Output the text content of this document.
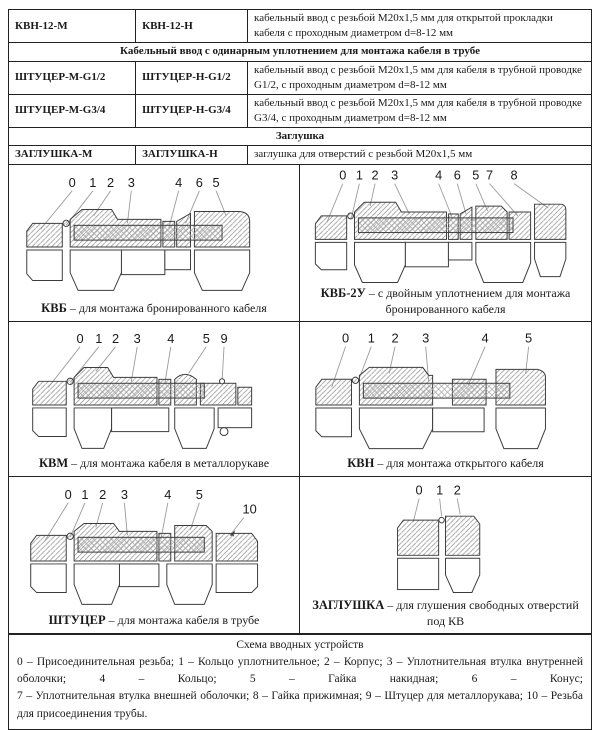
КВН-12-М	КВН-12-Н	кабельный ввод с резьбой М20х1,5 мм для открытой прокладки кабеля с проходным диаметром d=8-12 мм
Кабельный ввод с одинарным уплотнением для монтажа кабеля в трубе		
ШТУЦЕР-М-G1/2	ШТУЦЕР-Н-G1/2	кабельный ввод с резьбой М20х1,5 мм для кабеля в трубной проводке G1/2, с проходным диаметром d=8-12 мм
ШТУЦЕР-М-G3/4	ШТУЦЕР-Н-G3/4	кабельный ввод с резьбой М20х1,5 мм для кабеля в трубной проводке G3/4, с проходным диаметром d=8-12 мм
Заглушка		
ЗАГЛУШКА-М	ЗАГЛУШКА-Н	заглушка для отверстий с резьбой М20х1,5 мм
0 1 2 3	4 6 5
КВБ – для монтажа бронированного кабеля
0 1 2 3	4 6 5 7 8
КВБ-2У – с двойным уплотнением для монтажа бронированного кабеля
0 1 2 3 4 5 9
КВМ – для монтажа кабеля в металлорукаве
0 1 2 3	4	5
КВН – для монтажа открытого кабеля
0 1 2 3	4 5
10
ШТУЦЕР – для монтажа кабеля в трубе
0 1 2
ЗАГЛУШКА – для глушения свободных отверстий под КВ
Схема вводных устройств
0 – Присоединительная резьба; 1 – Кольцо уплотнительное; 2 – Корпус; 3 – Уплотнительная втулка внутренней оболочки; 4 – Кольцо; 5 – Гайка накидная; 6 – Конус;
7 – Уплотнительная втулка внешней оболочки; 8 – Гайка прижимная; 9 – Штуцер для металлорукава; 10 – Резьба для присоединения трубы.
